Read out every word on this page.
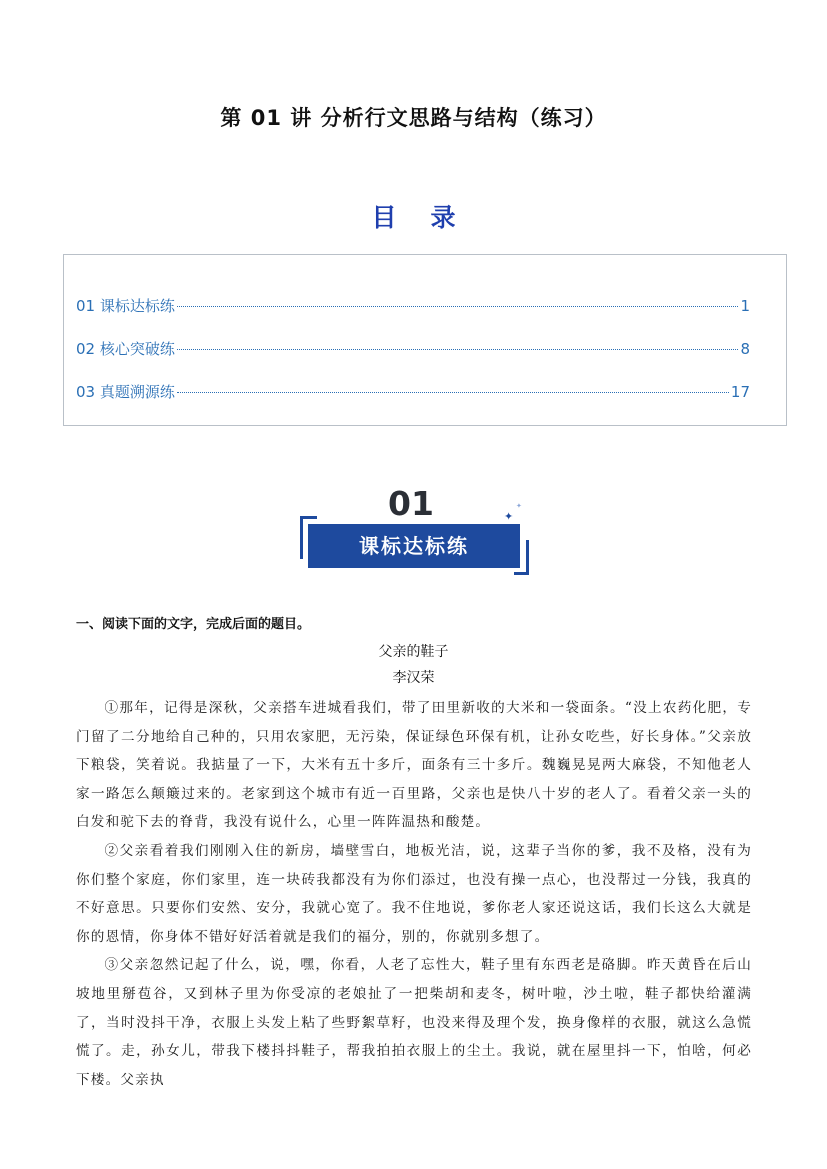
第 01 讲 分析行文思路与结构（练习）
目 录
01 课标达标练	1
02 核心突破练	8
03 真题溯源练	17
01
课标达标练
✦
✦
一、阅读下面的文字，完成后面的题目。
父亲的鞋子
李汉荣

①那年，记得是深秋，父亲搭车进城看我们，带了田里新收的大米和一袋面条。“没上农药化肥，专门留了二分地给自己种的，只用农家肥，无污染，保证绿色环保有机，让孙女吃些，好长身体。”父亲放下粮袋，笑着说。我掂量了一下，大米有五十多斤，面条有三十多斤。魏巍晃晃两大麻袋，不知他老人家一路怎么颠簸过来的。老家到这个城市有近一百里路，父亲也是快八十岁的老人了。看着父亲一头的白发和驼下去的脊背，我没有说什么，心里一阵阵温热和酸楚。

②父亲看着我们刚刚入住的新房，墙壁雪白，地板光洁，说，这辈子当你的爹，我不及格，没有为你们整个家庭，你们家里，连一块砖我都没有为你们添过，也没有操一点心，也没帮过一分钱，我真的不好意思。只要你们安然、安分，我就心宽了。我不住地说，爹你老人家还说这话，我们长这么大就是你的恩情，你身体不错好好活着就是我们的福分，别的，你就别多想了。

③父亲忽然记起了什么，说，嘿，你看，人老了忘性大，鞋子里有东西老是硌脚。昨天黄昏在后山坡地里掰苞谷，又到林子里为你受凉的老娘扯了一把柴胡和麦冬，树叶啦，沙土啦，鞋子都快给灌满了，当时没抖干净，衣服上头发上粘了些野絮草籽，也没来得及理个发，换身像样的衣服，就这么急慌慌了。走，孙女儿，带我下楼抖抖鞋子，帮我拍拍衣服上的尘土。我说，就在屋里抖一下，怕啥，何必下楼。父亲执
